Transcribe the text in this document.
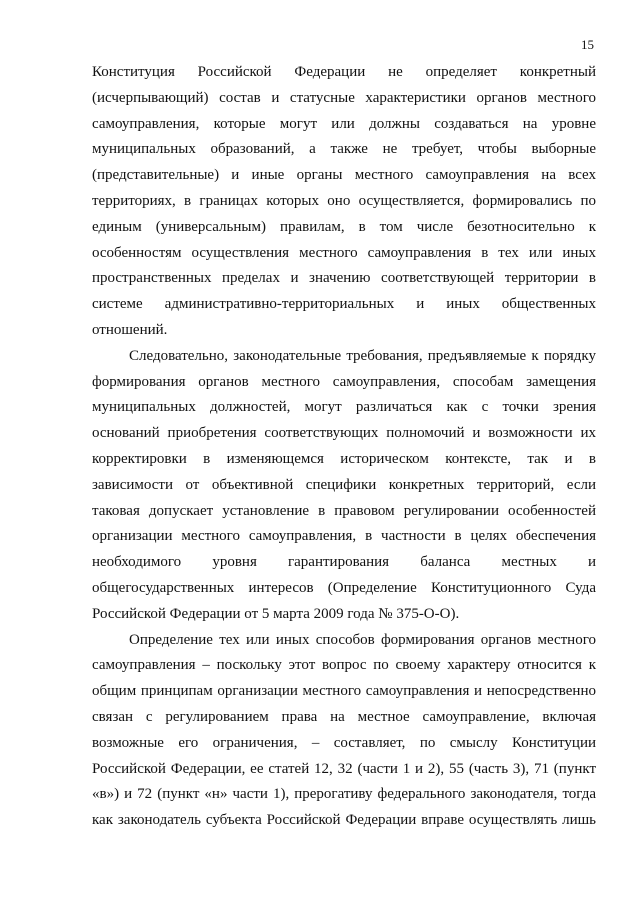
15
Конституция Российской Федерации не определяет конкретный
(исчерпывающий) состав и статусные характеристики органов местного
самоуправления, которые могут или должны создаваться на уровне
муниципальных образований, а также не требует, чтобы выборные
(представительные) и иные органы местного самоуправления на всех
территориях, в границах которых оно осуществляется, формировались по
единым (универсальным) правилам, в том числе безотносительно к
особенностям осуществления местного самоуправления в тех или иных
пространственных пределах и значению соответствующей территории в
системе административно-территориальных и иных общественных
отношений.
Следовательно, законодательные требования, предъявляемые к порядку
формирования органов местного самоуправления, способам замещения
муниципальных должностей, могут различаться как с точки зрения
оснований приобретения соответствующих полномочий и возможности их
корректировки в изменяющемся историческом контексте, так и в
зависимости от объективной специфики конкретных территорий, если
таковая допускает установление в правовом регулировании особенностей
организации местного самоуправления, в частности в целях обеспечения
необходимого уровня гарантирования баланса местных и
общегосударственных интересов (Определение Конституционного Суда
Российской Федерации от 5 марта 2009 года № 375-О-О).
Определение тех или иных способов формирования органов местного
самоуправления – поскольку этот вопрос по своему характеру относится к
общим принципам организации местного самоуправления и непосредственно
связан с регулированием права на местное самоуправление, включая
возможные его ограничения, – составляет, по смыслу Конституции
Российской Федерации, ее статей 12, 32 (части 1 и 2), 55 (часть 3), 71 (пункт
«в») и 72 (пункт «н» части 1), прерогативу федерального законодателя, тогда
как законодатель субъекта Российской Федерации вправе осуществлять лишь
